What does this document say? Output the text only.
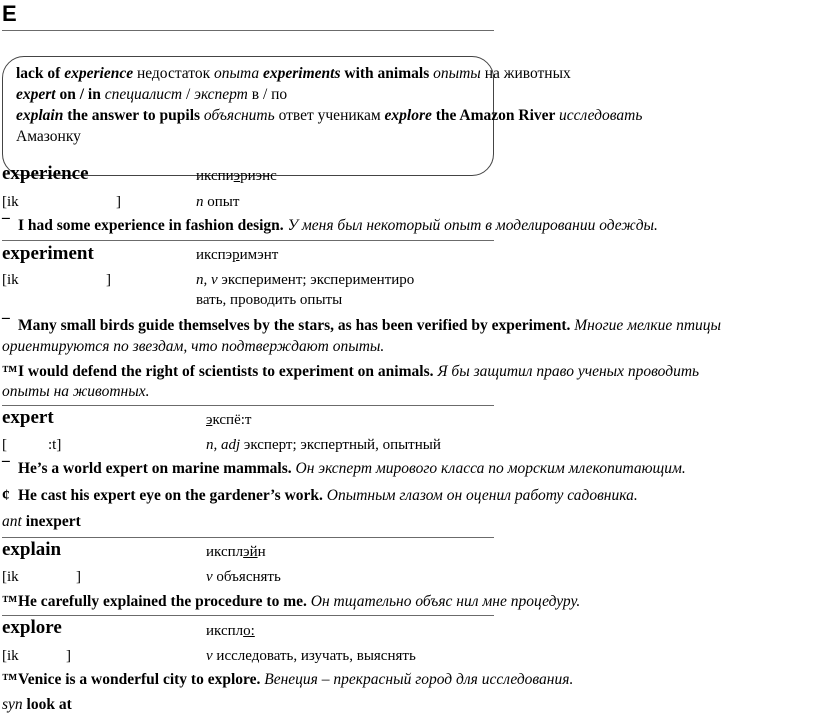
E
lack of experience недостаток опыта experiments with animals опыты на животных
expert on / in специалист / эксперт в / по
explain the answer to pupils объяснить ответ ученикам explore the Amazon River исследовать
Амазонку
experience	икспиэриэнс
[ik	]	n опыт
¯ I had some experience in fashion design. У меня был некоторый опыт в моделировании одежды.
experiment	икспэримэнт
[ik	]	n, v эксперимент; экспериментиро
вать, проводить опыты
¯ Many small birds guide themselves by the stars, as has been verified by experiment. Многие мелкие птицы
ориентируются по звездам, что подтверждают опыты.
™I would defend the right of scientists to experiment on animals. Я бы защитил право ученых проводить
опыты на животных.
expert	экспё:т
[	:t]	n, adj эксперт; экспертный, опытный
¯ He’s a world expert on marine mammals. Он эксперт мирового класса по морским млекопитающим.
¢ He cast his expert eye on the gardener’s work. Опытным глазом он оценил работу садовника.
ant inexpert
explain	иксплэйн
[ik	]	v объяснять
™He carefully explained the procedure to me. Он тщательно объяс нил мне процедуру.
explore	икспло:
[ik	]	v исследовать, изучать, выяснять
™Venice is a wonderful city to explore. Венеция – прекрасный город для исследования.
syn look at
